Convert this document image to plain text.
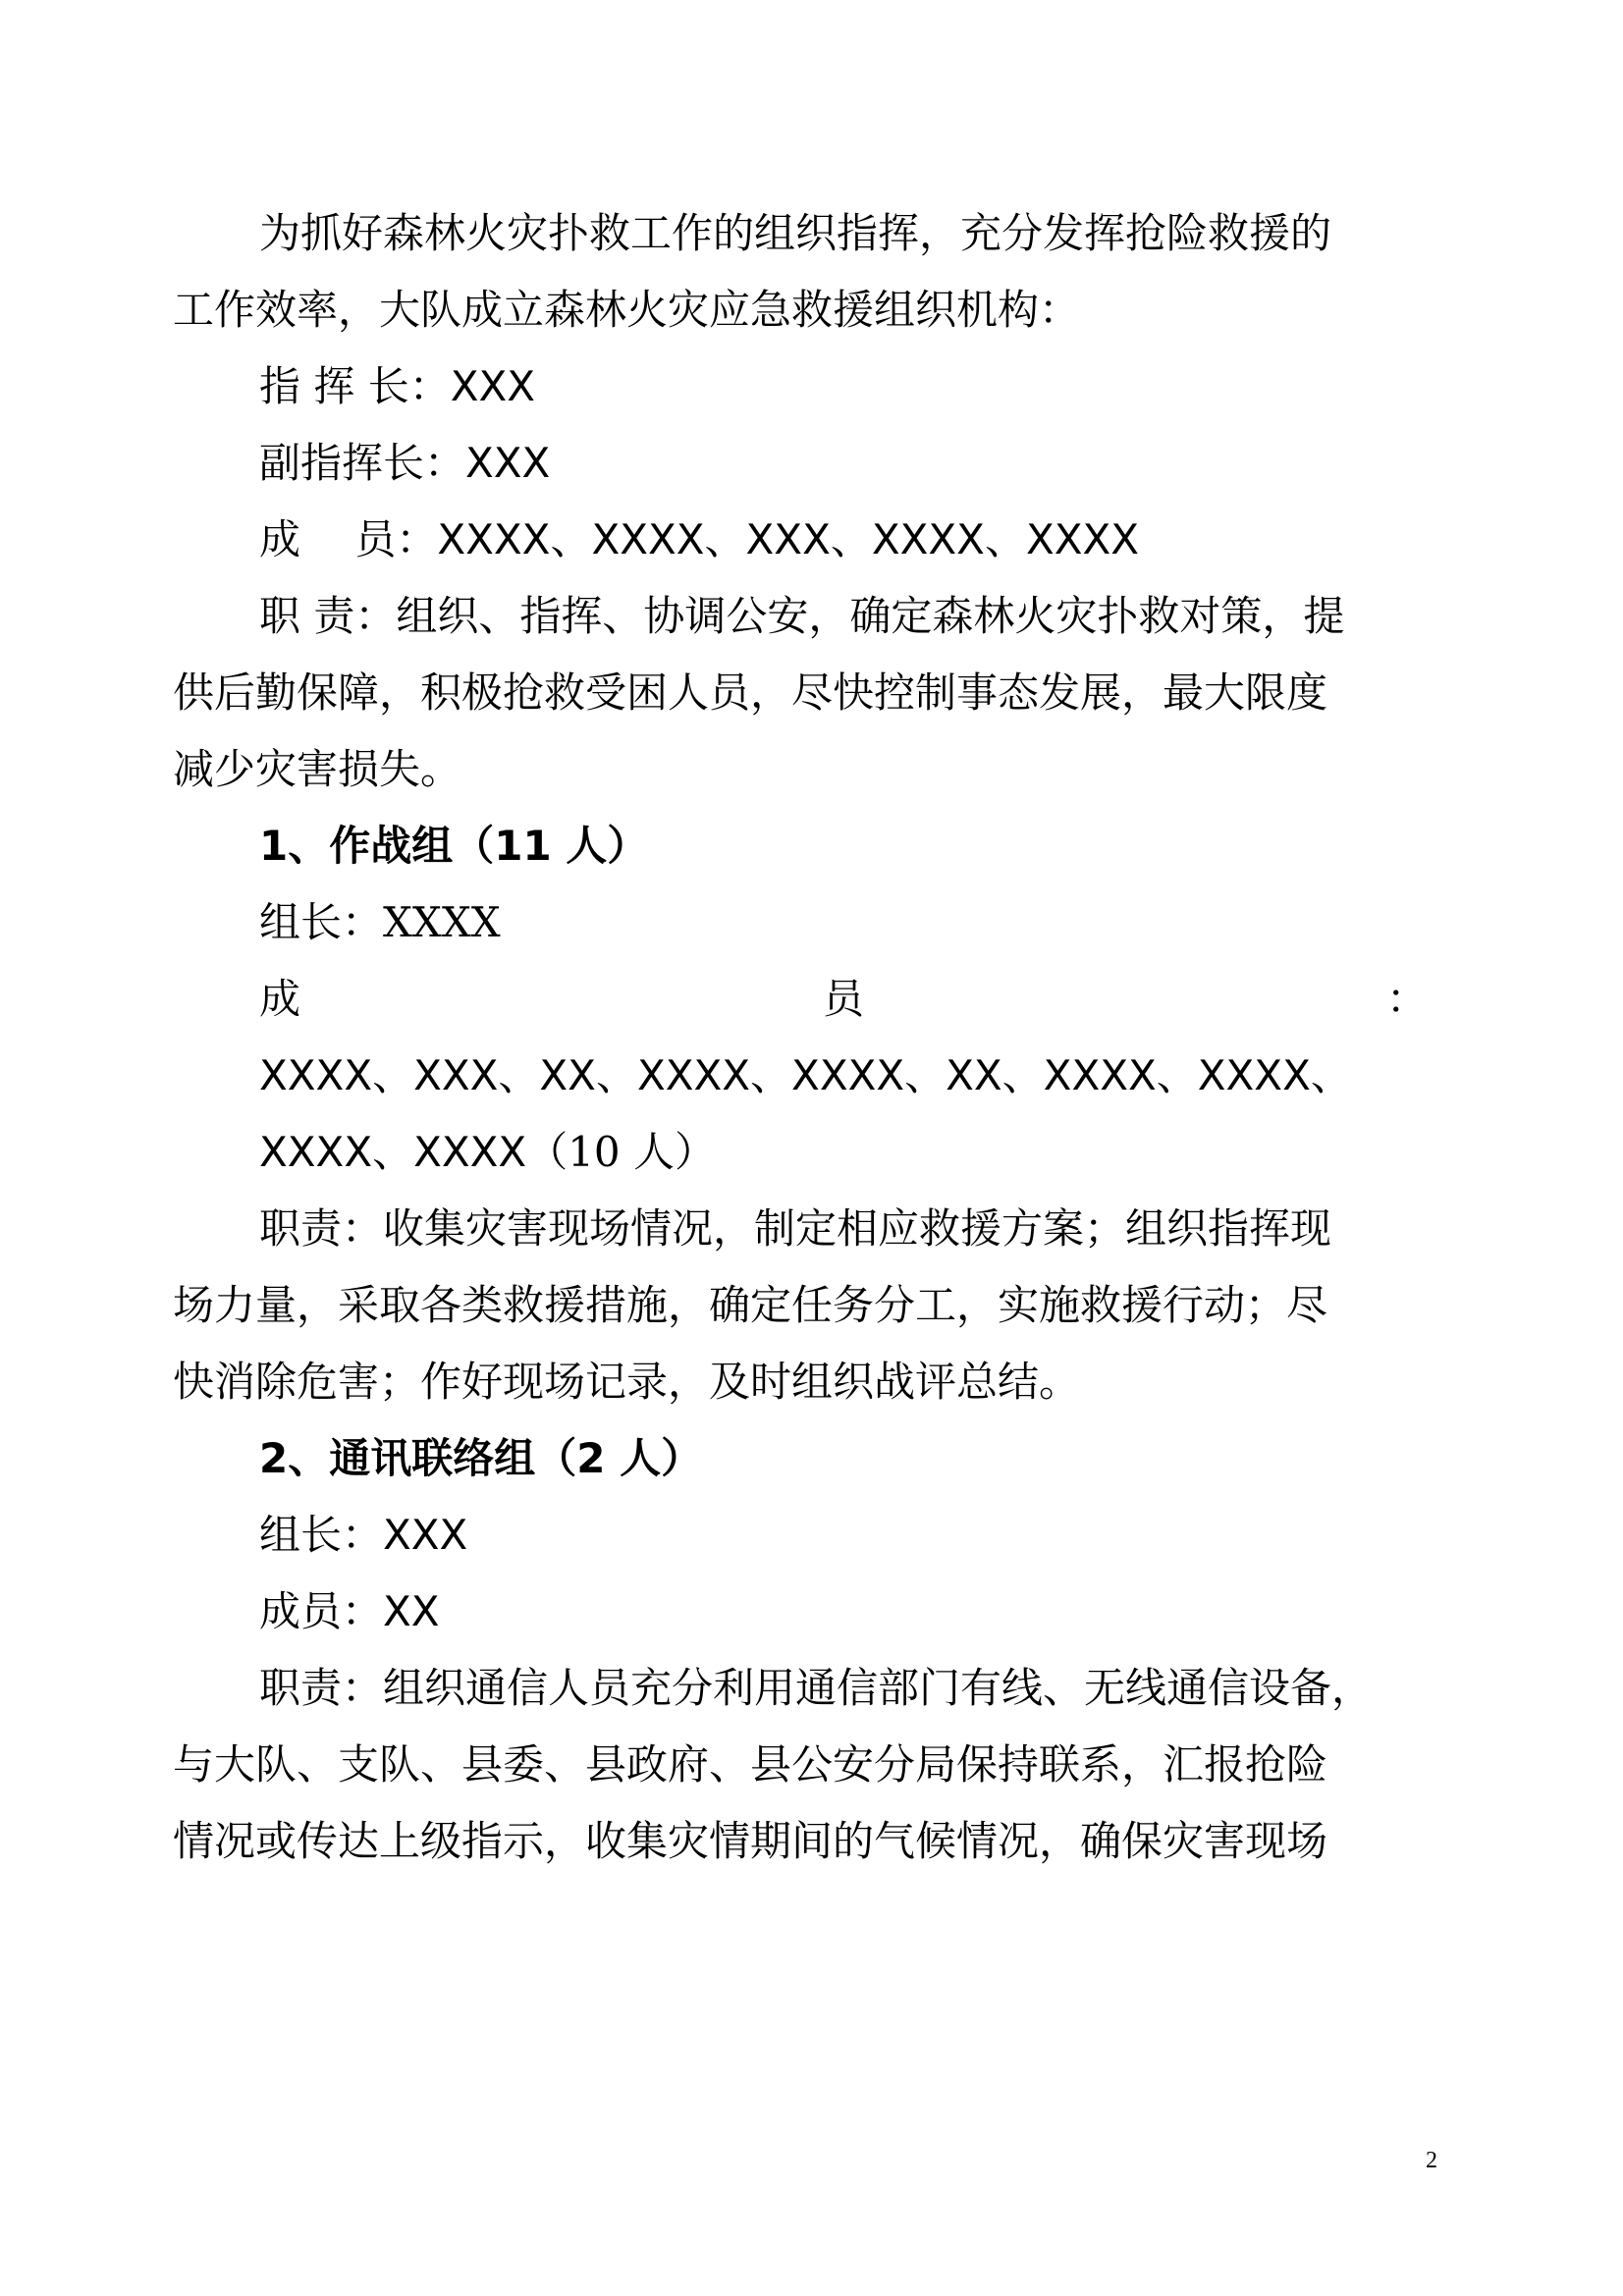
为抓好森林火灾扑救工作的组织指挥，充分发挥抢险救援的
工作效率，大队成立森林火灾应急救援组织机构：
指 挥 长：XXX
副指挥长：XXX
成　 员：XXXX、XXXX、XXX、XXXX、XXXX
职 责：组织、指挥、协调公安，确定森林火灾扑救对策，提
供后勤保障，积极抢救受困人员，尽快控制事态发展，最大限度
减少灾害损失。
1、作战组（11 人）
组长：XXXX
成	员	：
XXXX、XXX、XX、XXXX、XXXX、XX、XXXX、XXXX、
XXXX、XXXX（10 人）
职责：收集灾害现场情况，制定相应救援方案；组织指挥现
场力量，采取各类救援措施，确定任务分工，实施救援行动；尽
快消除危害；作好现场记录，及时组织战评总结。
2、通讯联络组（2 人）
组长：XXX
成员：XX
职责：组织通信人员充分利用通信部门有线、无线通信设备，
与大队、支队、县委、县政府、县公安分局保持联系，汇报抢险
情况或传达上级指示，收集灾情期间的气候情况，确保灾害现场
2
